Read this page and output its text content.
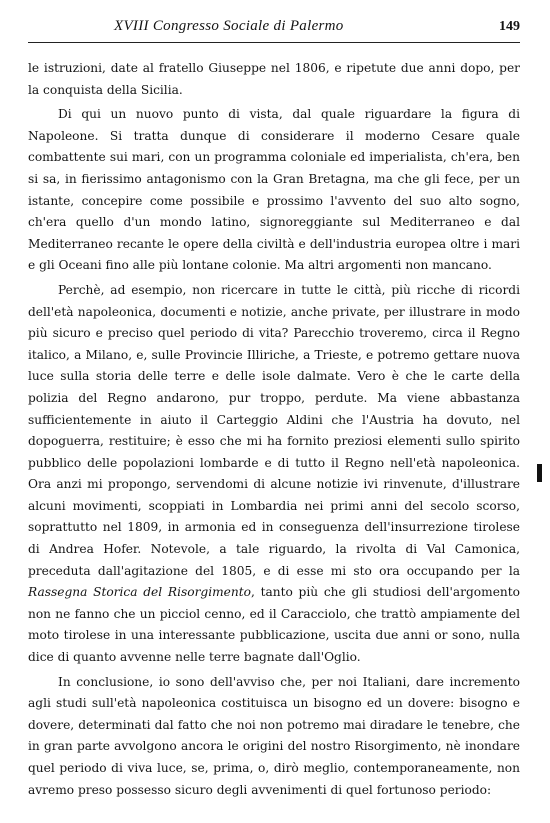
XVIII Congresso Sociale di Palermo	149

le istruzioni, date al fratello Giuseppe nel 1806, e ripetute due anni dopo, per la conquista della Sicilia.

Di qui un nuovo punto di vista, dal quale riguardare la figura di Napoleone. Si tratta dunque di considerare il moderno Cesare quale combattente sui mari, con un programma coloniale ed imperialista, ch'era, ben si sa, in fierissimo antagonismo con la Gran Bretagna, ma che gli fece, per un istante, concepire come possibile e prossimo l'avvento del suo alto sogno, ch'era quello d'un mondo latino, signoreggiante sul Mediterraneo e dal Mediterraneo recante le opere della civiltà e dell'industria europea oltre i mari e gli Oceani fino alle più lontane colonie. Ma altri argomenti non mancano.

Perchè, ad esempio, non ricercare in tutte le città, più ricche di ricordi dell'età napoleonica, documenti e notizie, anche private, per illustrare in modo più sicuro e preciso quel periodo di vita? Parecchio troveremo, circa il Regno italico, a Milano, e, sulle Provincie Illiriche, a Trieste, e potremo gettare nuova luce sulla storia delle terre e delle isole dalmate. Vero è che le carte della polizia del Regno andarono, pur troppo, perdute. Ma viene abbastanza sufficientemente in aiuto il Carteggio Aldini che l'Austria ha dovuto, nel dopoguerra, restituire; è esso che mi ha fornito preziosi elementi sullo spirito pubblico delle popolazioni lombarde e di tutto il Regno nell'età napoleonica. Ora anzi mi propongo, servendomi di alcune notizie ivi rinvenute, d'illustrare alcuni movimenti, scoppiati in Lombardia nei primi anni del secolo scorso, soprattutto nel 1809, in armonia ed in conseguenza dell'insurrezione tirolese di Andrea Hofer. Notevole, a tale riguardo, la rivolta di Val Camonica, preceduta dall'agitazione del 1805, e di esse mi sto ora occupando per la Rassegna Storica del Risorgimento, tanto più che gli studiosi dell'argomento non ne fanno che un picciol cenno, ed il Caracciolo, che trattò ampiamente del moto tirolese in una interessante pubblicazione, uscita due anni or sono, nulla dice di quanto avvenne nelle terre bagnate dall'Oglio.

In conclusione, io sono dell'avviso che, per noi Italiani, dare incremento agli studi sull'età napoleonica costituisca un bisogno ed un dovere: bisogno e dovere, determinati dal fatto che noi non potremo mai diradare le tenebre, che in gran parte avvolgono ancora le origini del nostro Risorgimento, nè inondare quel periodo di viva luce, se, prima, o, dirò meglio, contemporaneamente, non avremo preso possesso sicuro degli avvenimenti di quel fortunoso periodo:
